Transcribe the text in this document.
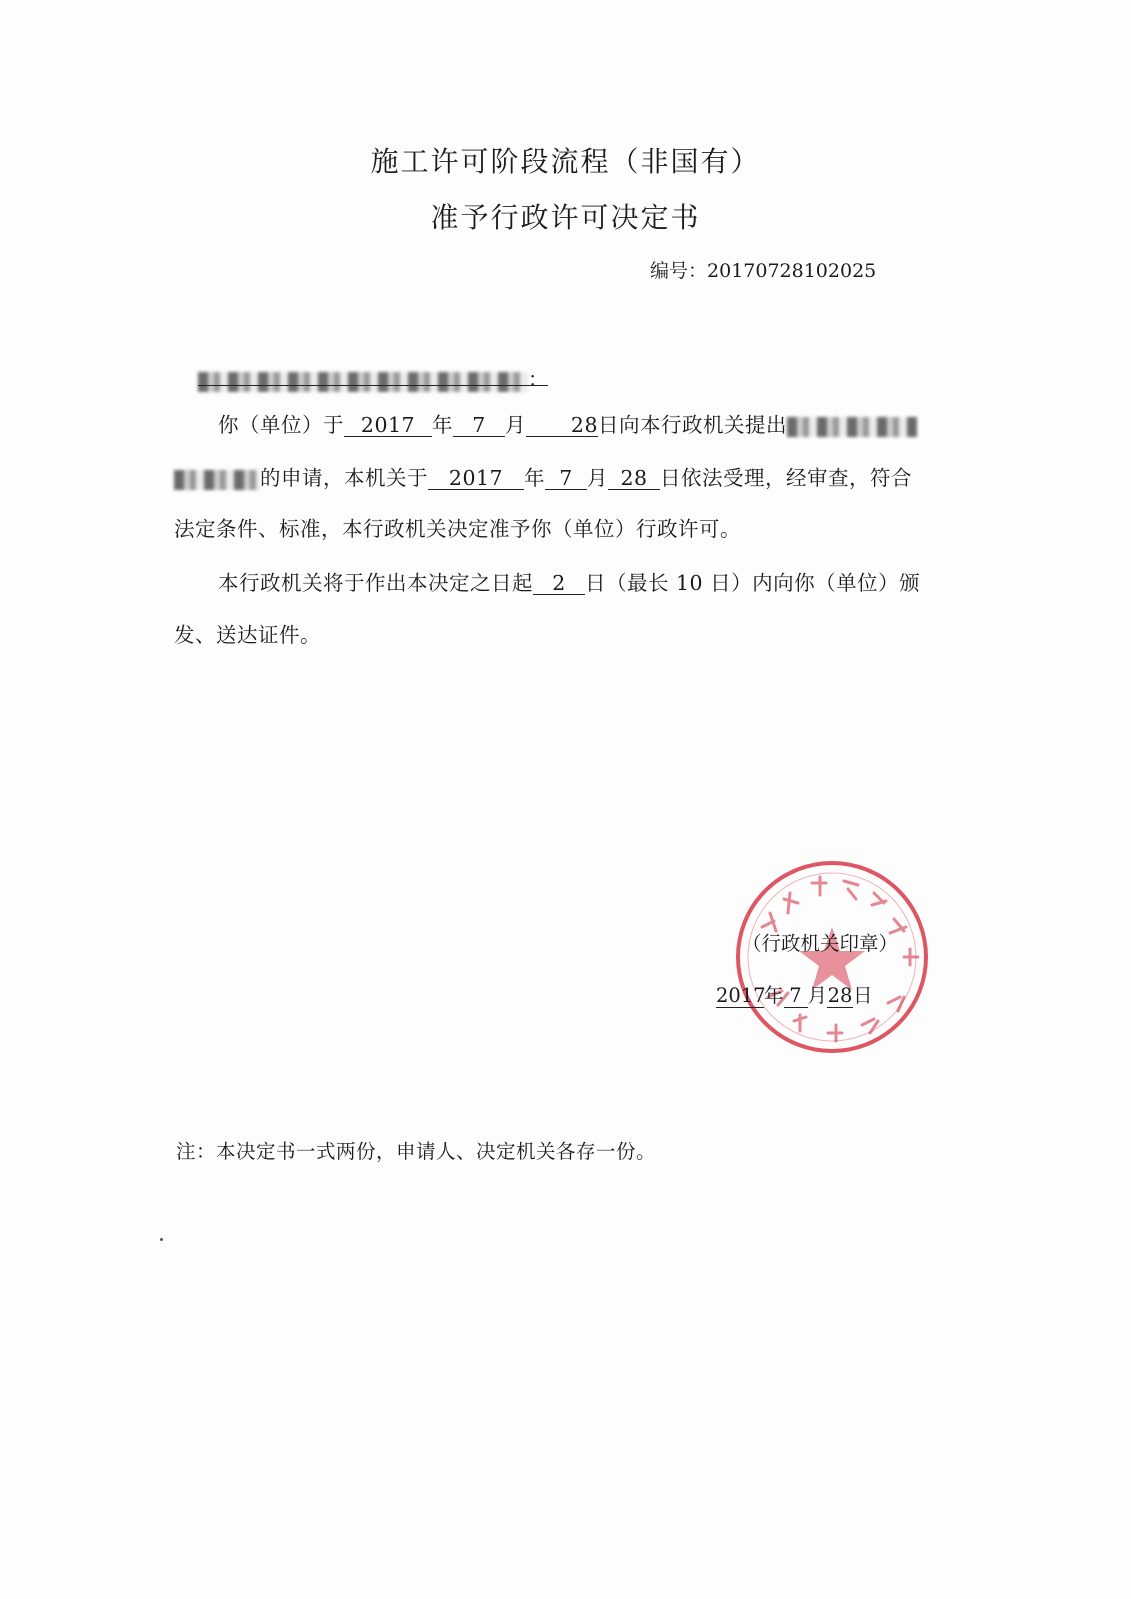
施工许可阶段流程（非国有）
准予行政许可决定书
编号：20170728102025
：
你（单位）于 2017 年 7 月 28日向本行政机关提出
的申请，本机关于 2017 年 7 月 28 日依法受理，经审查，符合
法定条件、标准，本行政机关决定准予你（单位）行政许可。
本行政机关将于作出本决定之日起 2 日（最长 10 日）内向你（单位）颁
发、送达证件。
（行政机关印章）
2017年 7 月28日
注：本决定书一式两份，申请人、决定机关各存一份。
